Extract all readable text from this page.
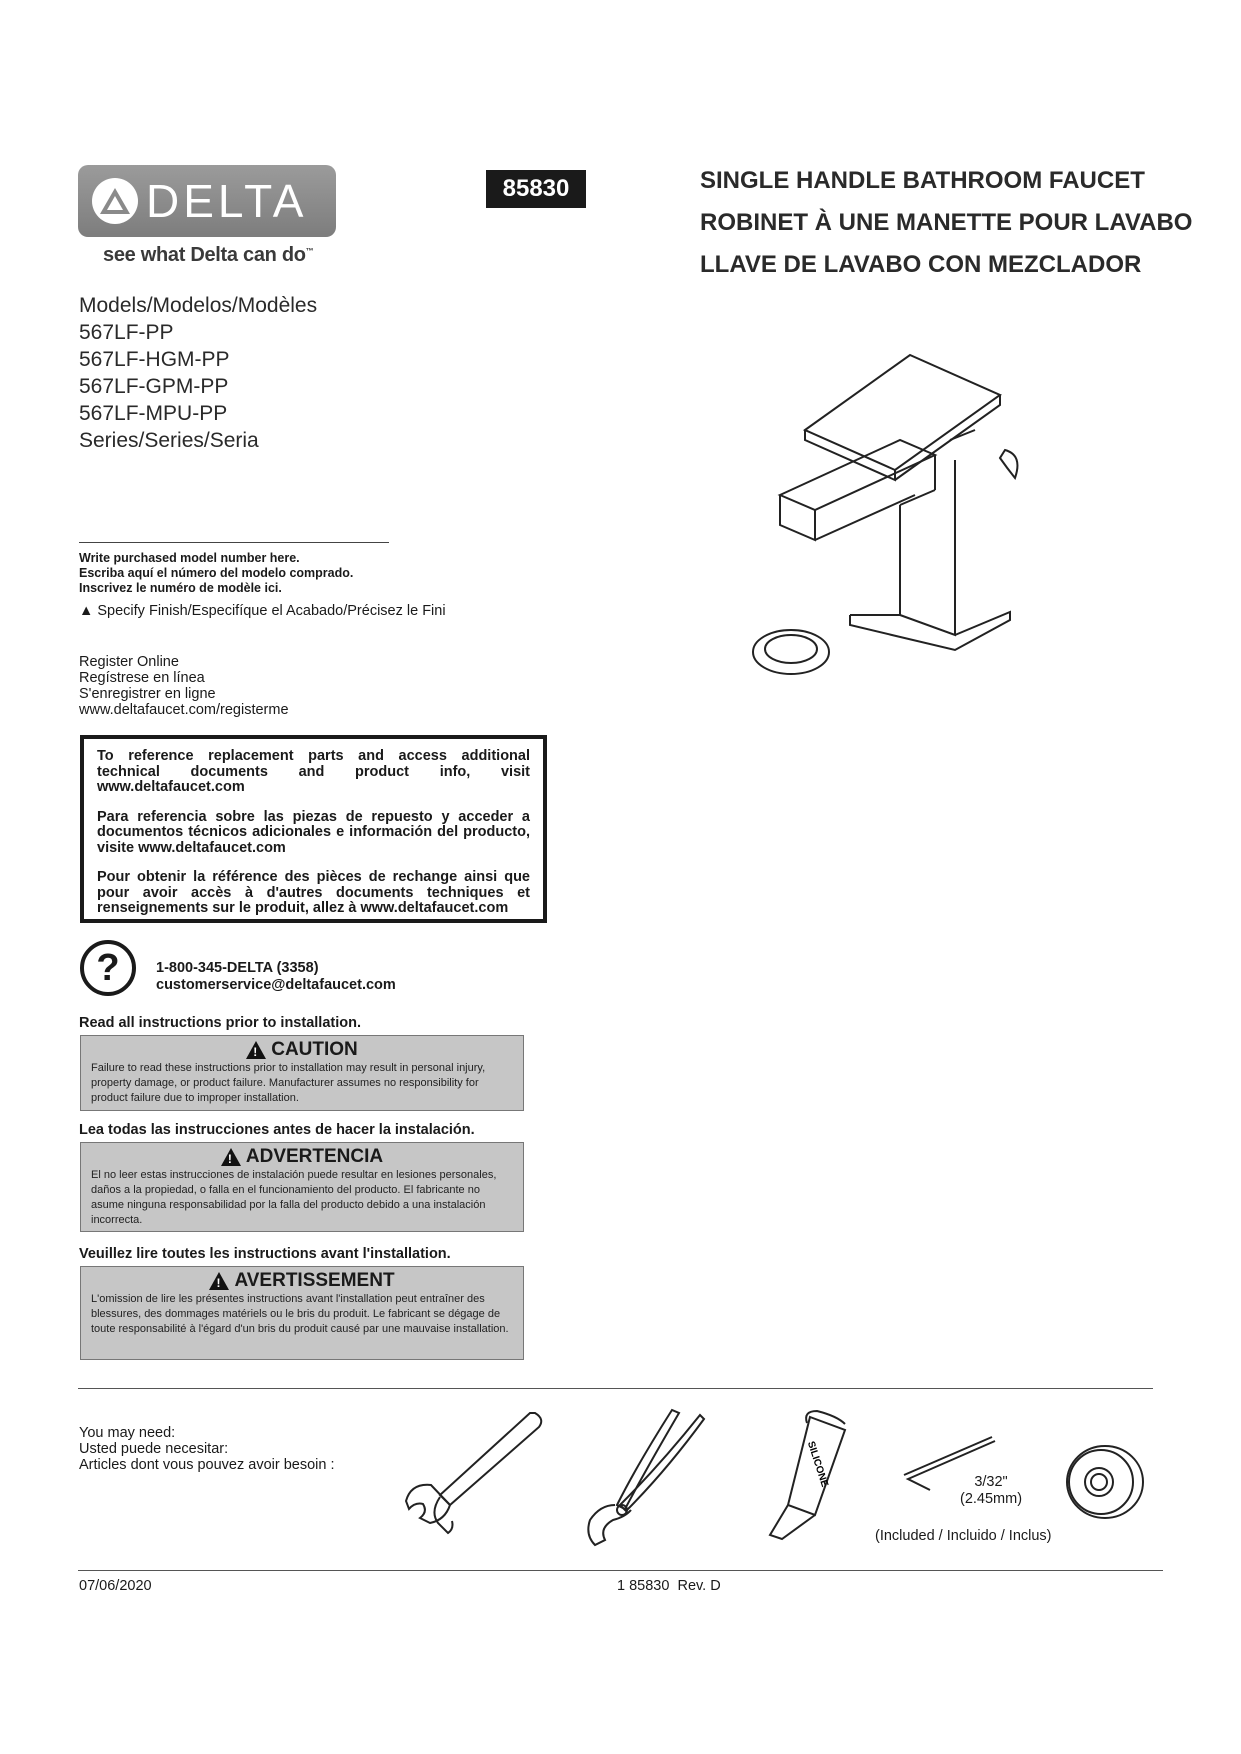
DELTA
see what Delta can do™
85830	SINGLE HANDLE BATHROOM FAUCET
ROBINET À UNE MANETTE POUR LAVABO
LLAVE DE LAVABO CON MEZCLADOR
Models/Modelos/Modèles
567LF-PP
567LF-HGM-PP
567LF-GPM-PP
567LF-MPU-PP
Series/Series/Seria
Write purchased model number here.
Escriba aquí el número del modelo comprado.
Inscrivez le numéro de modèle ici.
▲ Specify Finish/Especifíque el Acabado/Précisez le Fini
Register Online
Regístrese en línea
S'enregistrer en ligne
www.deltafaucet.com/registerme

To reference replacement parts and access additional technical documents and product info, visit www.deltafaucet.com

Para referencia sobre las piezas de repuesto y acceder a documentos técnicos adicionales e información del producto, visite www.deltafaucet.com

Pour obtenir la référence des pièces de rechange ainsi que pour avoir accès à d'autres documents techniques et renseignements sur le produit, allez à www.deltafaucet.com

?	1-800-345-DELTA (3358)
customerservice@deltafaucet.com
Read all instructions prior to installation.
! CAUTION
Failure to read these instructions prior to installation may result in personal injury, property damage, or product failure. Manufacturer assumes no responsibility for product failure due to improper installation.
Lea todas las instrucciones antes de hacer la instalación.
! ADVERTENCIA
El no leer estas instrucciones de instalación puede resultar en lesiones personales, daños a la propiedad, o falla en el funcionamiento del producto. El fabricante no asume ninguna responsabilidad por la falla del producto debido a una instalación incorrecta.
Veuillez lire toutes les instructions avant l'installation.
! AVERTISSEMENT
L'omission de lire les présentes instructions avant l'installation peut entraîner des blessures, des dommages matériels ou le bris du produit. Le fabricant se dégage de toute responsabilité à l'égard d'un bris du produit causé par une mauvaise installation.
You may need:
Usted puede necesitar:
Articles dont vous pouvez avoir besoin :	SILICONE	3/32"
(2.45mm)
(Included / Incluido / Inclus)
07/06/2020	1 85830  Rev. D
